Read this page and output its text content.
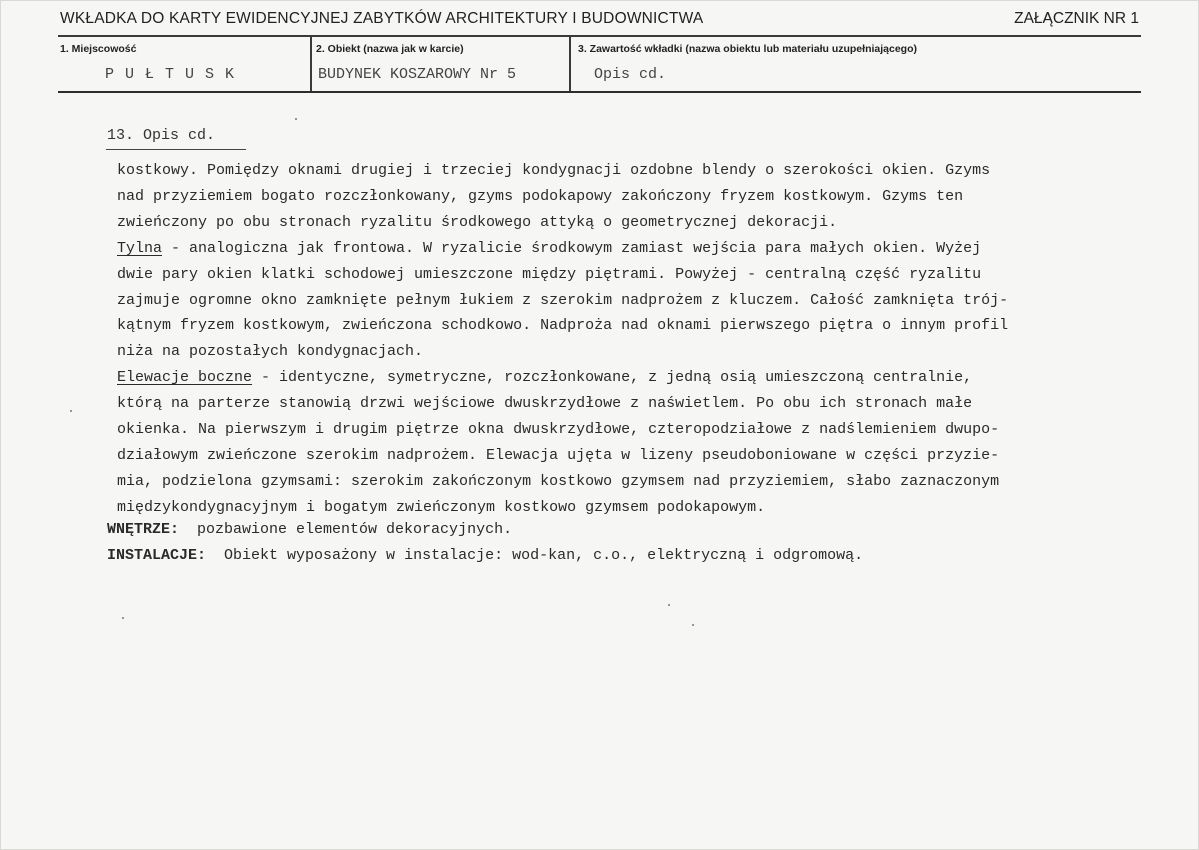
WKŁADKA DO KARTY EWIDENCYJNEJ ZABYTKÓW ARCHITEKTURY I BUDOWNICTWA	ZAŁĄCZNIK NR 1
1. Miejscowość
P U Ł T U S K
2. Obiekt (nazwa jak w karcie)
BUDYNEK KOSZAROWY Nr 5
3. Zawartość wkładki (nazwa obiektu lub materiału uzupełniającego)
Opis cd.
13. Opis cd.
kostkowy. Pomiędzy oknami drugiej i trzeciej kondygnacji ozdobne blendy o szerokości okien. Gzyms
nad przyziemiem bogato rozczłonkowany, gzyms podokapowy zakończony fryzem kostkowym. Gzyms ten
zwieńczony po obu stronach ryzalitu środkowego attyką o geometrycznej dekoracji.
Tylna - analogiczna jak frontowa. W ryzalicie środkowym zamiast wejścia para małych okien. Wyżej
dwie pary okien klatki schodowej umieszczone między piętrami. Powyżej - centralną część ryzalitu
zajmuje ogromne okno zamknięte pełnym łukiem z szerokim nadprożem z kluczem. Całość zamknięta trój-
kątnym fryzem kostkowym, zwieńczona schodkowo. Nadproża nad oknami pierwszego piętra o innym profil
niża na pozostałych kondygnacjach.
Elewacje boczne - identyczne, symetryczne, rozczłonkowane, z jedną osią umieszczoną centralnie,
którą na parterze stanowią drzwi wejściowe dwuskrzydłowe z naświetlem. Po obu ich stronach małe
okienka. Na pierwszym i drugim piętrze okna dwuskrzydłowe, czteropodziałowe z nadślemieniem dwupo-
działowym zwieńczone szerokim nadprożem. Elewacja ujęta w lizeny pseudoboniowane w części przyzie-
mia, podzielona gzymsami: szerokim zakończonym kostkowo gzymsem nad przyziemiem, słabo zaznaczonym
międzykondygnacyjnym i bogatym zwieńczonym kostkowo gzymsem podokapowym.
WNĘTRZE:  pozbawione elementów dekoracyjnych.
INSTALACJE:  Obiekt wyposażony w instalacje: wod-kan, c.o., elektryczną i odgromową.
